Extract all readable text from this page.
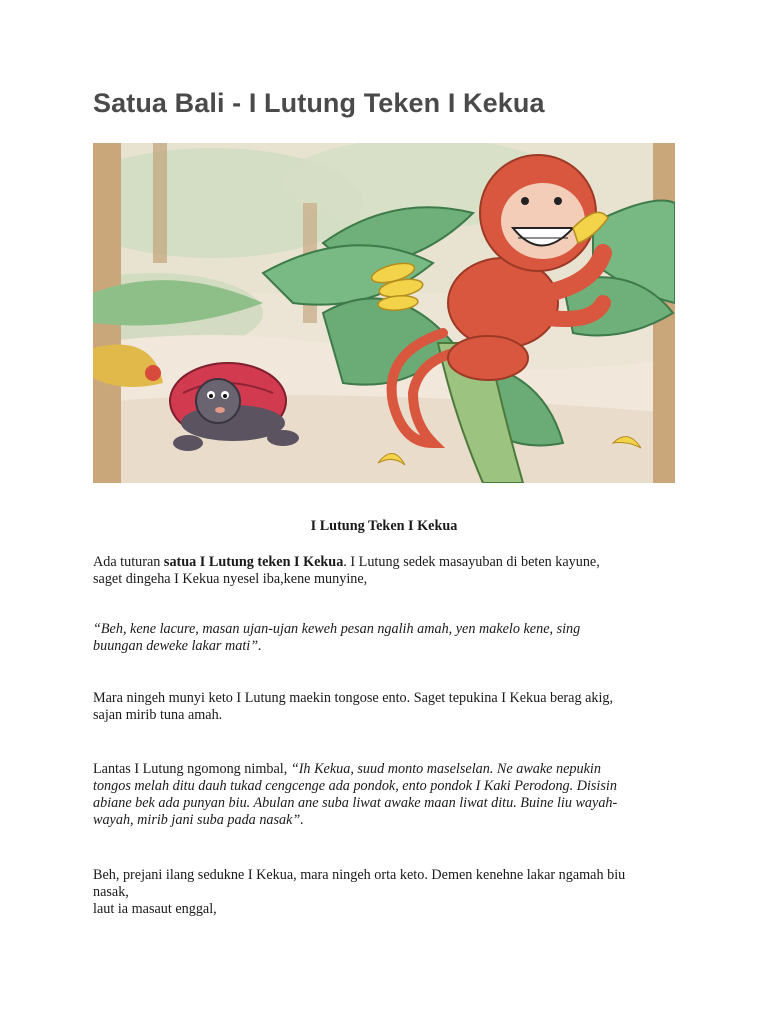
Satua Bali - I Lutung Teken I Kekua

I Lutung Teken I Kekua

Ada tuturan satua I Lutung teken I Kekua. I Lutung sedek masayuban di beten kayune,
saget dingeha I Kekua nyesel iba,kene munyine,

“Beh, kene lacure, masan ujan-ujan keweh pesan ngalih amah, yen makelo kene, sing
buungan deweke lakar mati”.

Mara ningeh munyi keto I Lutung maekin tongose ento. Saget tepukina I Kekua berag akig,
sajan mirib tuna amah.

Lantas I Lutung ngomong nimbal, “Ih Kekua, suud monto maselselan. Ne awake nepukin
tongos melah ditu dauh tukad cengcenge ada pondok, ento pondok I Kaki Perodong. Disisin
abiane bek ada punyan biu. Abulan ane suba liwat awake maan liwat ditu. Buine liu wayah-
wayah, mirib jani suba pada nasak”.

Beh, prejani ilang sedukne I Kekua, mara ningeh orta keto. Demen kenehne lakar ngamah biu
nasak,
laut ia masaut enggal,
